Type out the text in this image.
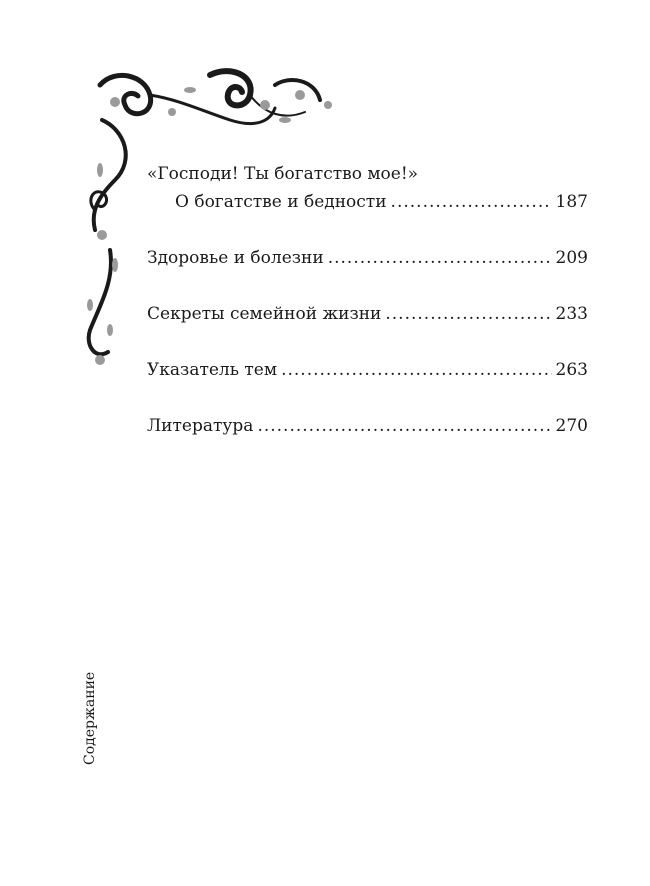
«Господи! Ты богатство мое!»
О богатстве и бедности .....	187
Здоровье и болезни .....	209
Секреты семейной жизни .....	233
Указатель тем .....	263
Литература .....	270
Содержание
